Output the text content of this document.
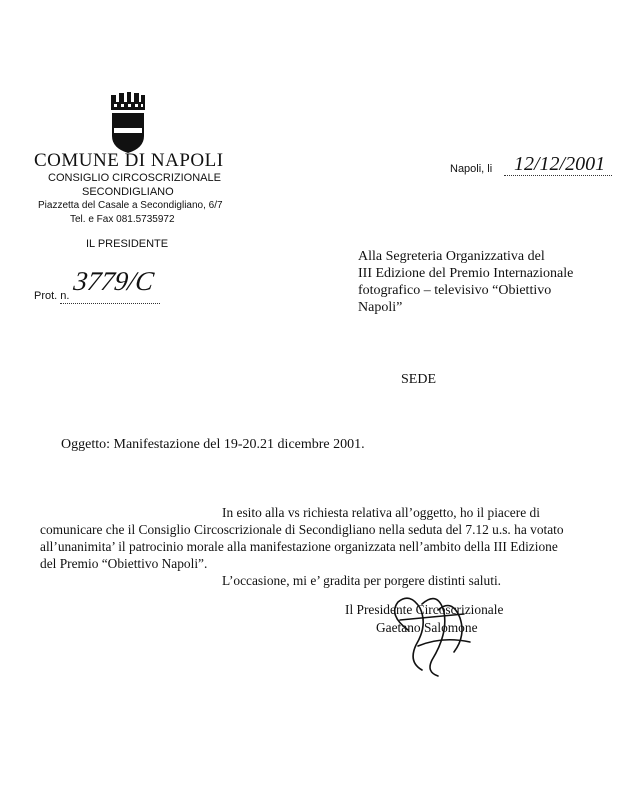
COMUNE DI NAPOLI
CONSIGLIO CIRCOSCRIZIONALE
SECONDIGLIANO
Piazzetta del Casale a Secondigliano, 6/7
Tel. e Fax 081.5735972
IL PRESIDENTE
Prot. n. 3779/C
Napoli, li 12/12/2001
Alla Segreteria Organizzativa del
III Edizione del Premio Internazionale
fotografico – televisivo “Obiettivo
Napoli”
SEDE
Oggetto: Manifestazione del 19-20.21 dicembre 2001.
In esito alla vs richiesta relativa all’oggetto, ho il piacere di
comunicare che il Consiglio Circoscrizionale di Secondigliano nella seduta del 7.12 u.s. ha votato
all’unanimita’ il patrocinio morale alla manifestazione organizzata nell’ambito della III Edizione
del Premio “Obiettivo Napoli”.
L’occasione, mi e’ gradita per porgere distinti saluti.
Il Presidente Circoscrizionale
Gaetano Salomone
